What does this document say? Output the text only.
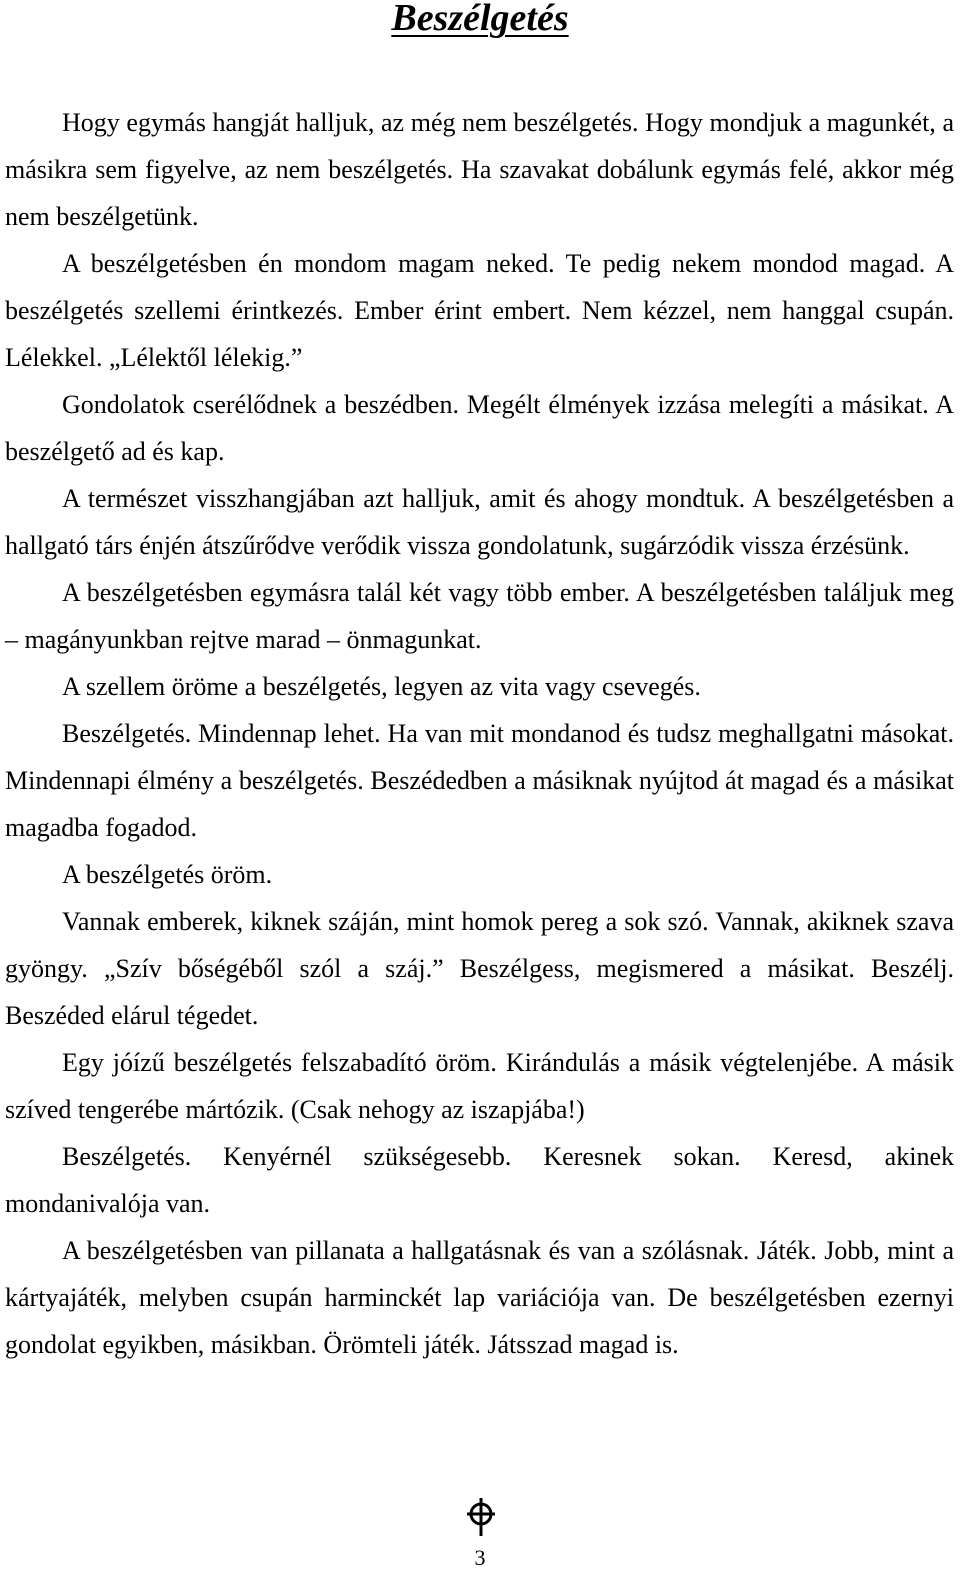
Beszélgetés

Hogy egymás hangját halljuk, az még nem beszélgetés. Hogy mondjuk a magunkét, a másikra sem figyelve, az nem beszélgetés. Ha szavakat dobálunk egymás felé, akkor még nem beszélgetünk.

A beszélgetésben én mondom magam neked. Te pedig nekem mondod magad. A beszélgetés szellemi érintkezés. Ember érint embert. Nem kézzel, nem hanggal csupán. Lélekkel. „Lélektől lélekig.”

Gondolatok cserélődnek a beszédben. Megélt élmények izzása melegíti a másikat. A beszélgető ad és kap.

A természet visszhangjában azt halljuk, amit és ahogy mondtuk. A beszélgetésben a hallgató társ énjén átszűrődve verődik vissza gondolatunk, sugárzódik vissza érzésünk.

A beszélgetésben egymásra talál két vagy több ember. A beszélgetésben találjuk meg – magányunkban rejtve marad – önmagunkat.

A szellem öröme a beszélgetés, legyen az vita vagy csevegés.

Beszélgetés. Mindennap lehet. Ha van mit mondanod és tudsz meghallgatni másokat. Mindennapi élmény a beszélgetés. Beszédedben a másiknak nyújtod át magad és a másikat magadba fogadod.

A beszélgetés öröm.

Vannak emberek, kiknek száján, mint homok pereg a sok szó. Vannak, akiknek szava gyöngy. „Szív bőségéből szól a száj.” Beszélgess, megismered a másikat. Beszélj. Beszéded elárul tégedet.

Egy jóízű beszélgetés felszabadító öröm. Kirándulás a másik végtelenjébe. A másik szíved tengerébe mártózik. (Csak nehogy az iszapjába!)

Beszélgetés. Kenyérnél szükségesebb. Keresnek sokan. Keresd, akinek mondanivalója van.

A beszélgetésben van pillanata a hallgatásnak és van a szólásnak. Játék. Jobb, mint a kártyajáték, melyben csupán harminckét lap variációja van. De beszélgetésben ezernyi gondolat egyikben, másikban. Örömteli játék. Játsszad magad is.

3
